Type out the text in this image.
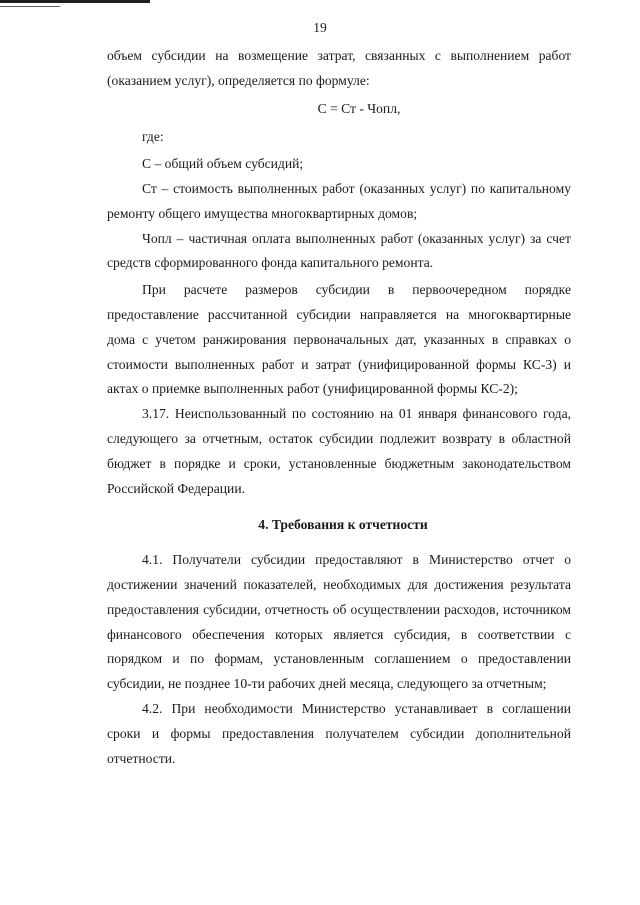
19

объем субсидии на возмещение затрат, связанных с выполнением работ (оказанием услуг), определяется по формуле:

С = Ст - Чопл,

где:

С – общий объем субсидий;

Ст – стоимость выполненных работ (оказанных услуг) по капитальному ремонту общего имущества многоквартирных домов;

Чопл – частичная оплата выполненных работ (оказанных услуг) за счет средств сформированного фонда капитального ремонта.

При расчете размеров субсидии в первоочередном порядке предоставление рассчитанной субсидии направляется на многоквартирные дома с учетом ранжирования первоначальных дат, указанных в справках о стоимости выполненных работ и затрат (унифицированной формы КС-3) и актах о приемке выполненных работ (унифицированной формы КС-2);

3.17. Неиспользованный по состоянию на 01 января финансового года, следующего за отчетным, остаток субсидии подлежит возврату в областной бюджет в порядке и сроки, установленные бюджетным законодательством Российской Федерации.

4. Требования к отчетности

4.1. Получатели субсидии предоставляют в Министерство отчет о достижении значений показателей, необходимых для достижения результата предоставления субсидии, отчетность об осуществлении расходов, источником финансового обеспечения которых является субсидия, в соответствии с порядком и по формам, установленным соглашением о предоставлении субсидии, не позднее 10-ти рабочих дней месяца, следующего за отчетным;

4.2. При необходимости Министерство устанавливает в соглашении сроки и формы предоставления получателем субсидии дополнительной отчетности.
